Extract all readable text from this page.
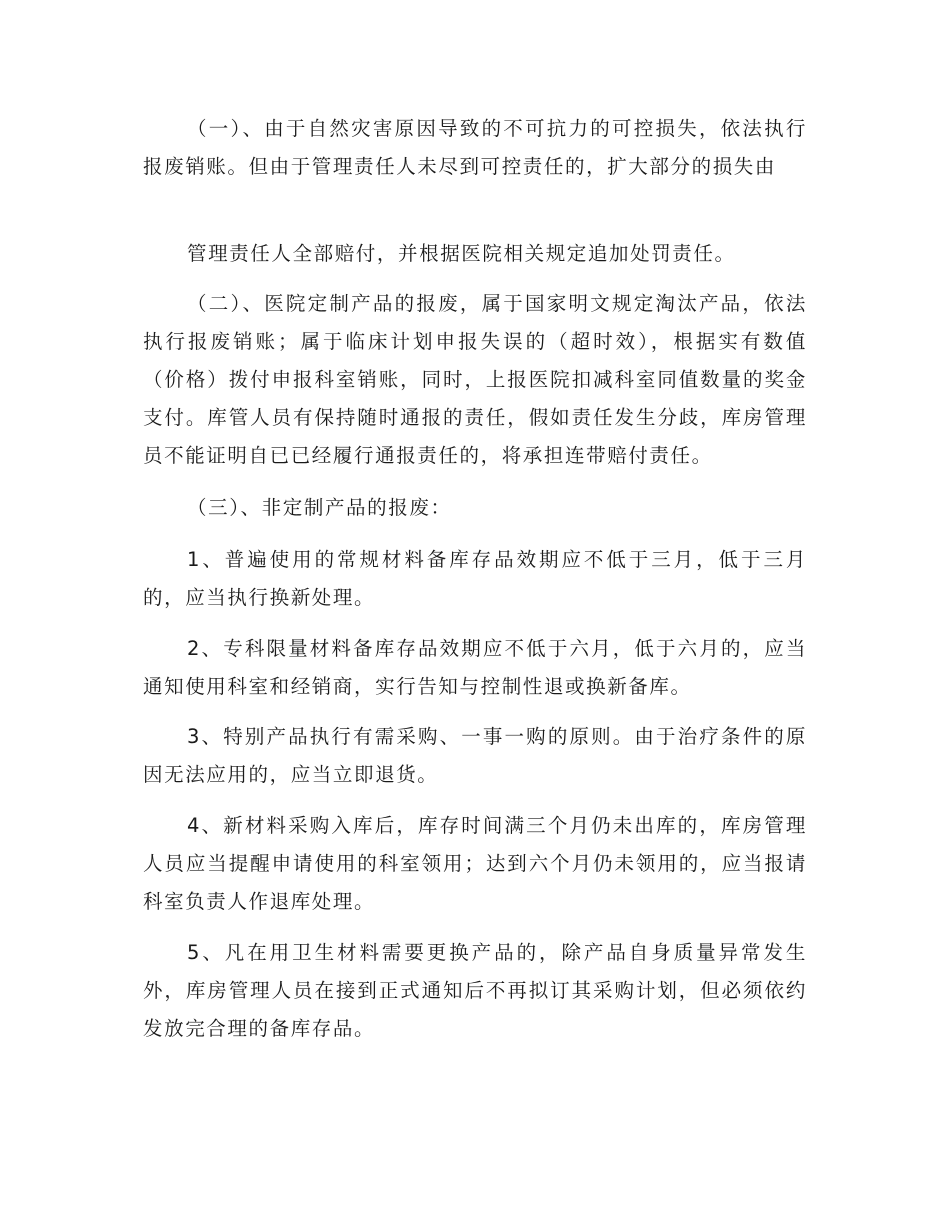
（一）、由于自然灾害原因导致的不可抗力的可控损失，依法执行报废销账。但由于管理责任人未尽到可控责任的，扩大部分的损失由

管理责任人全部赔付，并根据医院相关规定追加处罚责任。

（二）、医院定制产品的报废，属于国家明文规定淘汰产品，依法执行报废销账；属于临床计划申报失误的（超时效），根据实有数值（价格）拨付申报科室销账，同时，上报医院扣减科室同值数量的奖金支付。库管人员有保持随时通报的责任，假如责任发生分歧，库房管理员不能证明自已已经履行通报责任的，将承担连带赔付责任。

（三）、非定制产品的报废：

1、普遍使用的常规材料备库存品效期应不低于三月，低于三月的，应当执行换新处理。

2、专科限量材料备库存品效期应不低于六月，低于六月的，应当通知使用科室和经销商，实行告知与控制性退或换新备库。

3、特别产品执行有需采购、一事一购的原则。由于治疗条件的原因无法应用的，应当立即退货。

4、新材料采购入库后，库存时间满三个月仍未出库的，库房管理人员应当提醒申请使用的科室领用；达到六个月仍未领用的，应当报请科室负责人作退库处理。

5、凡在用卫生材料需要更换产品的，除产品自身质量异常发生外，库房管理人员在接到正式通知后不再拟订其采购计划，但必须依约发放完合理的备库存品。
